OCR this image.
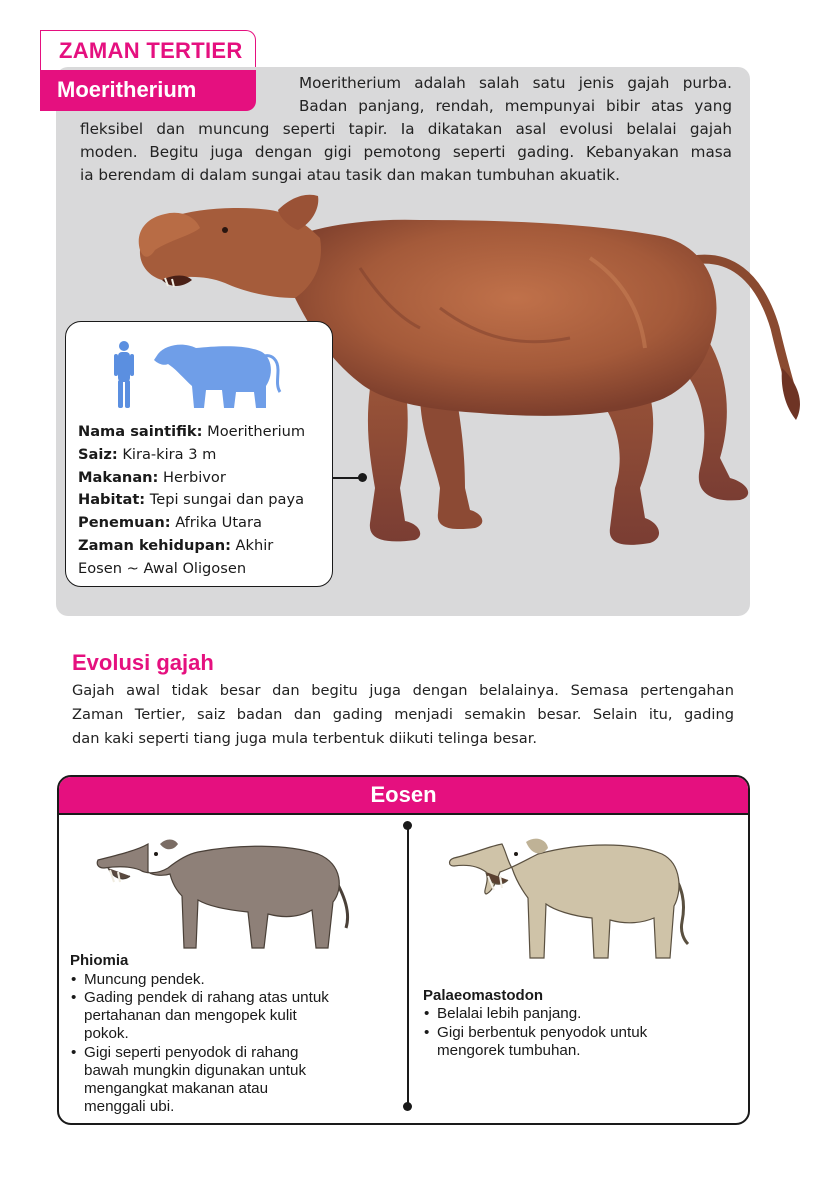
ZAMAN TERTIER
Moeritherium	Moeritherium adalah salah satu jenis gajah purba.
Badan panjang, rendah, mempunyai bibir atas yang
fleksibel dan muncung seperti tapir. Ia dikatakan asal evolusi belalai gajah
moden. Begitu juga dengan gigi pemotong seperti gading. Kebanyakan masa
ia berendam di dalam sungai atau tasik dan makan tumbuhan akuatik.
Nama saintifik: Moeritherium
Saiz: Kira-kira 3 m
Makanan: Herbivor
Habitat: Tepi sungai dan paya
Penemuan: Afrika Utara
Zaman kehidupan: Akhir
Eosen ~ Awal Oligosen
Evolusi gajah
Gajah awal tidak besar dan begitu juga dengan belalainya. Semasa pertengahan
Zaman Tertier, saiz badan dan gading menjadi semakin besar. Selain itu, gading
dan kaki seperti tiang juga mula terbentuk diikuti telinga besar.
Eosen
Phiomia
• Muncung pendek.
• Gading pendek di rahang atas untuk
pertahanan dan mengopek kulit
pokok.
• Gigi seperti penyodok di rahang
bawah mungkin digunakan untuk
mengangkat makanan atau
menggali ubi.
Palaeomastodon
• Belalai lebih panjang.
• Gigi berbentuk penyodok untuk
mengorek tumbuhan.
